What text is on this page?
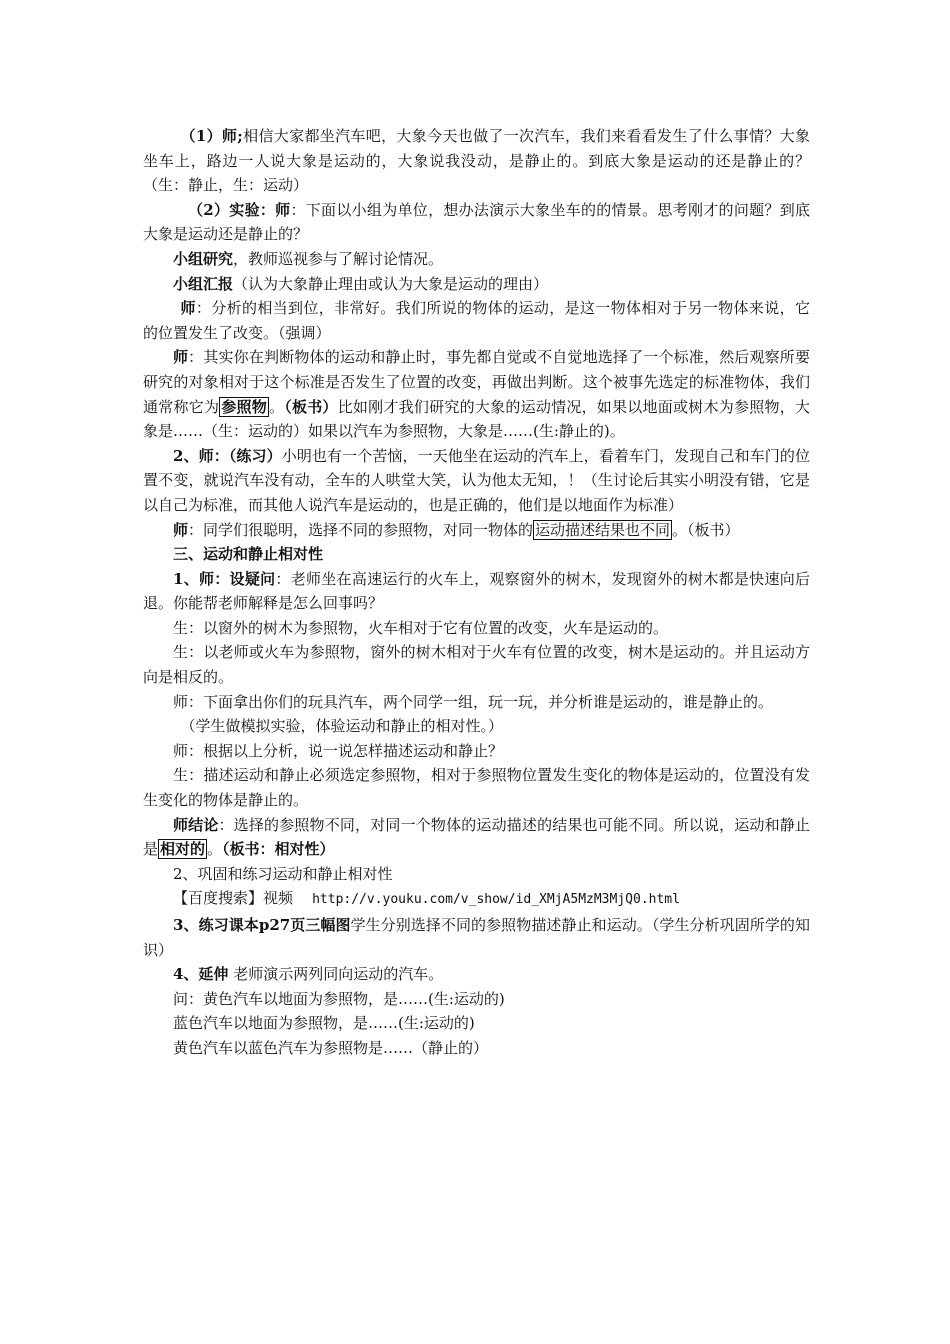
（1）师;相信大家都坐汽车吧，大象今天也做了一次汽车，我们来看看发生了什么事情？大象坐车上，路边一人说大象是运动的，大象说我没动，是静止的。到底大象是运动的还是静止的？（生：静止，生：运动）

（2）实验：师：下面以小组为单位，想办法演示大象坐车的的情景。思考刚才的问题？到底大象是运动还是静止的？

小组研究，教师巡视参与了解讨论情况。

小组汇报（认为大象静止理由或认为大象是运动的理由）

师：分析的相当到位，非常好。我们所说的物体的运动，是这一物体相对于另一物体来说，它的位置发生了改变。（强调）

师：其实你在判断物体的运动和静止时，事先都自觉或不自觉地选择了一个标准，然后观察所要研究的对象相对于这个标准是否发生了位置的改变，再做出判断。这个被事先选定的标准物体，我们通常称它为 参照物 。（板书）比如刚才我们研究的大象的运动情况，如果以地面或树木为参照物，大象是……（生：运动的）如果以汽车为参照物，大象是……(生:静止的)。

2、师：（练习）小明也有一个苦恼，一天他坐在运动的汽车上，看着车门，发现自己和车门的位置不变，就说汽车没有动，全车的人哄堂大笑，认为他太无知，！（生讨论后其实小明没有错，它是以自己为标准，而其他人说汽车是运动的，也是正确的，他们是以地面作为标准）

师：同学们很聪明，选择不同的参照物，对同一物体的 运动描述结果也不同 。（板书）

三、运动和静止相对性

1、师：设疑问：老师坐在高速运行的火车上，观察窗外的树木，发现窗外的树木都是快速向后退。你能帮老师解释是怎么回事吗？

生：以窗外的树木为参照物，火车相对于它有位置的改变，火车是运动的。

生：以老师或火车为参照物，窗外的树木相对于火车有位置的改变，树木是运动的。并且运动方向是相反的。

师：下面拿出你们的玩具汽车，两个同学一组，玩一玩，并分析谁是运动的，谁是静止的。

（学生做模拟实验，体验运动和静止的相对性。）

师：根据以上分析，说一说怎样描述运动和静止？

生：描述运动和静止必须选定参照物，相对于参照物位置发生变化的物体是运动的，位置没有发生变化的物体是静止的。

师结论：选择的参照物不同，对同一个物体的运动描述的结果也可能不同。所以说，运动和静止是 相对的 。（板书：相对性）

2、巩固和练习运动和静止相对性

【百度搜索】视频 http://v.youku.com/v_show/id_XMjA5MzM3MjQ0.html

3、练习课本p27页三幅图学生分别选择不同的参照物描述静止和运动。（学生分析巩固所学的知识）

4、延伸 老师演示两列同向运动的汽车。

问：黄色汽车以地面为参照物，是……(生:运动的)

蓝色汽车以地面为参照物，是……(生:运动的)

黄色汽车以蓝色汽车为参照物是……（静止的）
